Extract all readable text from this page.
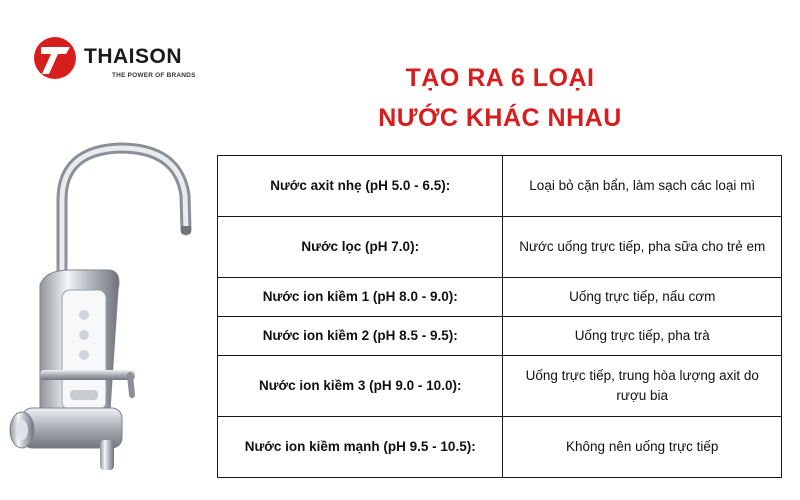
THAISON
THE POWER OF BRANDS	TẠO RA 6 LOẠI
NƯỚC KHÁC NHAU
Nước axit nhẹ (pH 5.0 - 6.5):	Loại bỏ cặn bẩn, làm sạch các loại mì
Nước lọc (pH 7.0):	Nước uống trực tiếp, pha sữa cho trẻ em
Nước ion kiềm 1 (pH 8.0 - 9.0):	Uống trực tiếp, nấu cơm
Nước ion kiềm 2 (pH 8.5 - 9.5):	Uống trực tiếp, pha trà
Nước ion kiềm 3 (pH 9.0 - 10.0):	Uống trực tiếp, trung hòa lượng axit do rượu bia
Nước ion kiềm mạnh (pH 9.5 - 10.5):	Không nên uống trực tiếp
